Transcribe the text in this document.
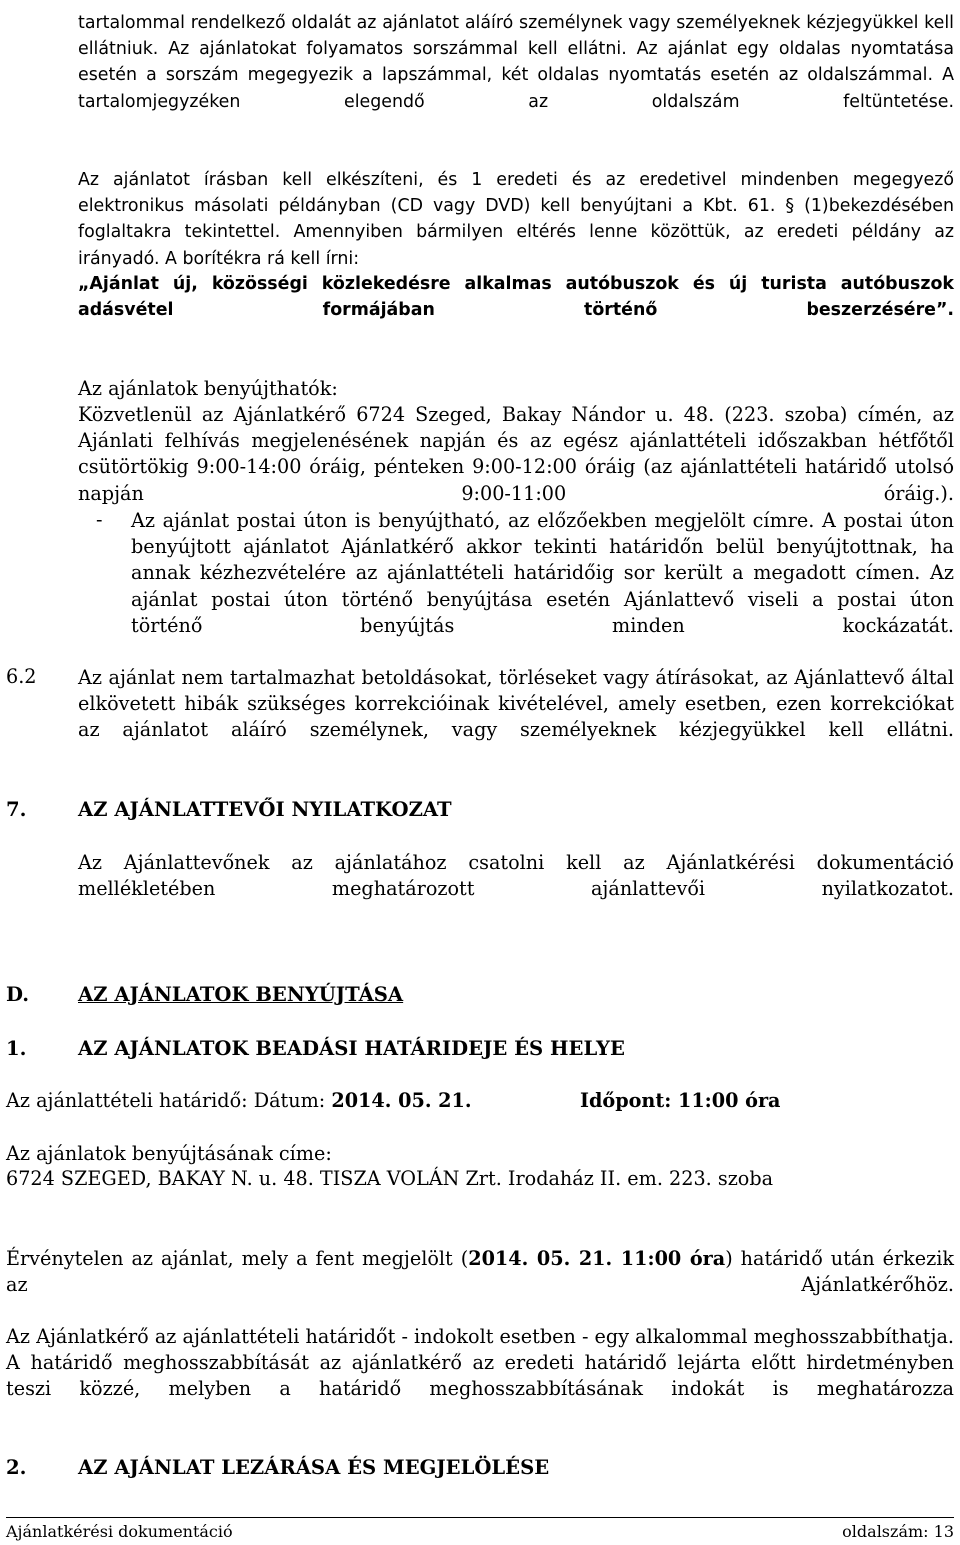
tartalommal rendelkező oldalát az ajánlatot aláíró személynek vagy személyeknek kézjegyükkel kell ellátniuk. Az ajánlatokat folyamatos sorszámmal kell ellátni. Az ajánlat egy oldalas nyomtatása esetén a sorszám megegyezik a lapszámmal, két oldalas nyomtatás esetén az oldalszámmal. A tartalomjegyzéken elegendő az oldalszám feltüntetése.
Az ajánlatot írásban kell elkészíteni, és 1 eredeti és az eredetivel mindenben megegyező elektronikus másolati példányban (CD vagy DVD) kell benyújtani a Kbt. 61. § (1)bekezdésében foglaltakra tekintettel. Amennyiben bármilyen eltérés lenne közöttük, az eredeti példány az irányadó. A borítékra rá kell írni:
„Ajánlat új, közösségi közlekedésre alkalmas autóbuszok és új turista autóbuszok adásvétel formájában történő beszerzésére”.
Az ajánlatok benyújthatók:
Közvetlenül az Ajánlatkérő 6724 Szeged, Bakay Nándor u. 48. (223. szoba) címén, az Ajánlati felhívás megjelenésének napján és az egész ajánlattételi időszakban hétfőtől csütörtökig 9:00-14:00 óráig, pénteken 9:00-12:00 óráig (az ajánlattételi határidő utolsó napján 9:00-11:00 óráig.).
- Az ajánlat postai úton is benyújtható, az előzőekben megjelölt címre. A postai úton benyújtott ajánlatot Ajánlatkérő akkor tekinti határidőn belül benyújtottnak, ha annak kézhezvételére az ajánlattételi határidőig sor került a megadott címen. Az ajánlat postai úton történő benyújtása esetén Ajánlattevő viseli a postai úton történő benyújtás minden kockázatát.
6.2 Az ajánlat nem tartalmazhat betoldásokat, törléseket vagy átírásokat, az Ajánlattevő által elkövetett hibák szükséges korrekcióinak kivételével, amely esetben, ezen korrekciókat az ajánlatot aláíró személynek, vagy személyeknek kézjegyükkel kell ellátni.
7.	AZ AJÁNLATTEVŐI NYILATKOZAT
Az Ajánlattevőnek az ajánlatához csatolni kell az Ajánlatkérési dokumentáció mellékletében meghatározott ajánlattevői nyilatkozatot.
D. AZ AJÁNLATOK BENYÚJTÁSA
1.	AZ AJÁNLATOK BEADÁSI HATÁRIDEJE ÉS HELYE
Az ajánlattételi határidő: Dátum: 2014. 05. 21.	Időpont: 11:00 óra
Az ajánlatok benyújtásának címe:
6724 SZEGED, BAKAY N. u. 48. TISZA VOLÁN Zrt. Irodaház II. em. 223. szoba
Érvénytelen az ajánlat, mely a fent megjelölt (2014. 05. 21. 11:00 óra) határidő után érkezik az Ajánlatkérőhöz.
Az Ajánlatkérő az ajánlattételi határidőt - indokolt esetben - egy alkalommal meghosszabbíthatja. A határidő meghosszabbítását az ajánlatkérő az eredeti határidő lejárta előtt hirdetményben teszi közzé, melyben a határidő meghosszabbításának indokát is meghatározza
2.	AZ AJÁNLAT LEZÁRÁSA ÉS MEGJELÖLÉSE
Ajánlatkérési dokumentáció	oldalszám: 13
